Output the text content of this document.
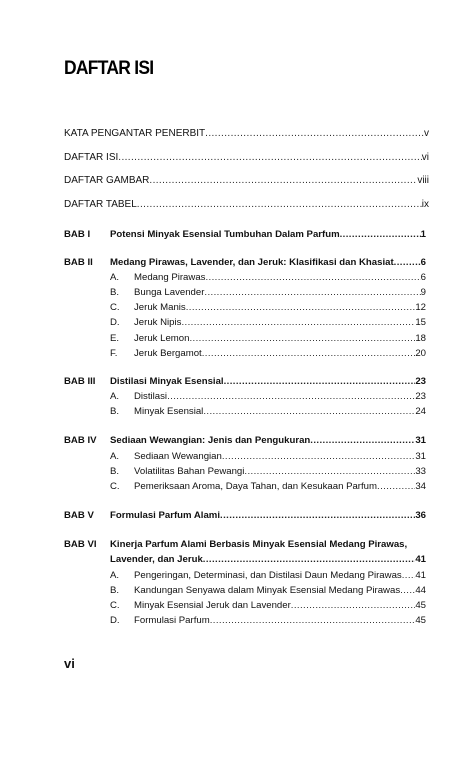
DAFTAR ISI
KATA PENGANTAR PENERBIT .....	v
DAFTAR ISI .....	vi
DAFTAR GAMBAR .....	viii
DAFTAR TABEL .....	ix
BAB I Potensi Minyak Esensial Tumbuhan Dalam Parfum .....	1
BAB II Medang Pirawas, Lavender, dan Jeruk: Klasifikasi dan Khasiat .....	6
A. Medang Pirawas .....	6
B. Bunga Lavender .....	9
C. Jeruk Manis .....	12
D. Jeruk Nipis .....	15
E. Jeruk Lemon .....	18
F. Jeruk Bergamot .....	20
BAB III Distilasi Minyak Esensial .....	23
A. Distilasi .....	23
B. Minyak Esensial .....	24
BAB IV Sediaan Wewangian: Jenis dan Pengukuran .....	31
A. Sediaan Wewangian .....	31
B. Volatilitas Bahan Pewangi .....	33
C. Pemeriksaan Aroma, Daya Tahan, dan Kesukaan Parfum .....	34
BAB V Formulasi Parfum Alami .....	36
BAB VI Kinerja Parfum Alami Berbasis Minyak Esensial Medang Pirawas,
Lavender, dan Jeruk .....	41
A. Pengeringan, Determinasi, dan Distilasi Daun Medang Pirawas ..... 41
B. Kandungan Senyawa dalam Minyak Esensial Medang Pirawas ..... 44
C. Minyak Esensial Jeruk dan Lavender .....	45
D. Formulasi Parfum .....	45
vi
